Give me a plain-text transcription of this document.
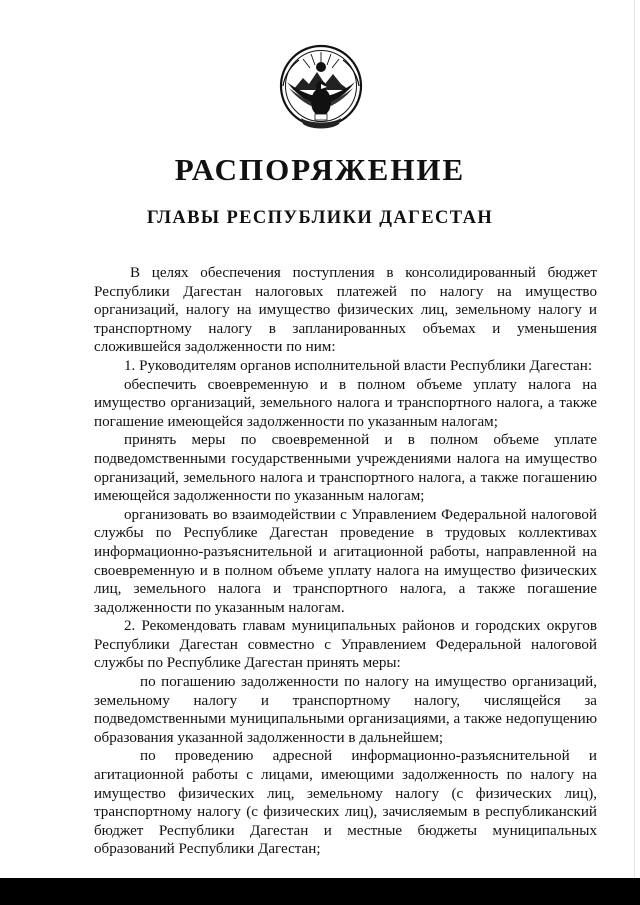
РАСПОРЯЖЕНИЕ
ГЛАВЫ РЕСПУБЛИКИ ДАГЕСТАН
В целях обеспечения поступления в консолидированный бюджет
Республики Дагестан налоговых платежей по налогу на имущество
организаций, налогу на имущество физических лиц, земельному налогу и
транспортному налогу в запланированных объемах и уменьшения
сложившейся задолженности по ним:
1. Руководителям органов исполнительной власти Республики Дагестан:
обеспечить своевременную и в полном объеме уплату налога на
имущество организаций, земельного налога и транспортного налога, а также
погашение имеющейся задолженности по указанным налогам;
принять меры по своевременной и в полном объеме уплате
подведомственными государственными учреждениями налога на имущество
организаций, земельного налога и транспортного налога, а также погашению
имеющейся задолженности по указанным налогам;
организовать во взаимодействии с Управлением Федеральной налоговой
службы по Республике Дагестан проведение в трудовых коллективах
информационно-разъяснительной и агитационной работы, направленной на
своевременную и в полном объеме уплату налога на имущество физических
лиц, земельного налога и транспортного налога, а также погашение
задолженности по указанным налогам.
2. Рекомендовать главам муниципальных районов и городских округов
Республики Дагестан совместно с Управлением Федеральной налоговой
службы по Республике Дагестан принять меры:
по погашению задолженности по налогу на имущество организаций,
земельному налогу и транспортному налогу, числящейся за
подведомственными муниципальными организациями, а также недопущению
образования указанной задолженности в дальнейшем;
по проведению адресной информационно-разъяснительной и
агитационной работы с лицами, имеющими задолженность по налогу на
имущество физических лиц, земельному налогу (с физических лиц),
транспортному налогу (с физических лиц), зачисляемым в республиканский
бюджет Республики Дагестан и местные бюджеты муниципальных
образований Республики Дагестан;
